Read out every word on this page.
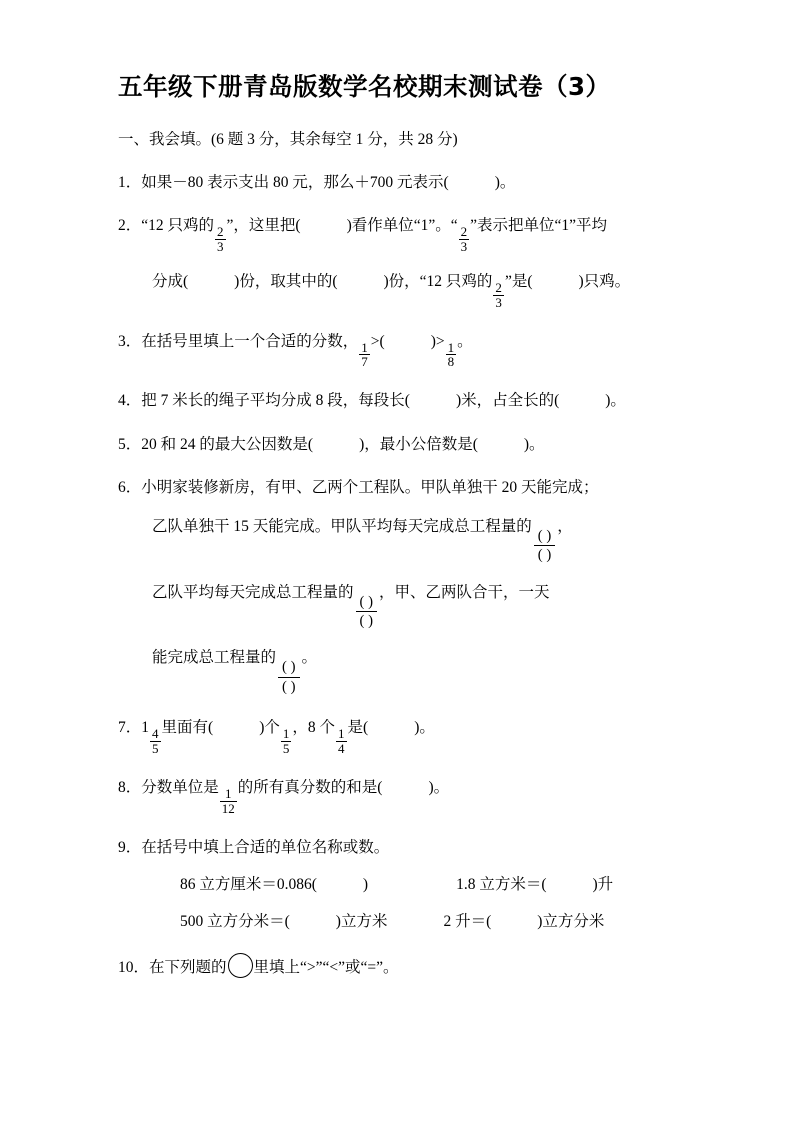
五年级下册青岛版数学名校期末测试卷（3）
一、我会填。(6 题 3 分，其余每空 1 分，共 28 分)
1．如果－80 表示支出 80 元，那么＋700 元表示(	)。
2．“12 只鸡的 $\frac{2}{3}$ ”，这里把(	)看作单位“1”。“ $\frac{2}{3}$ ”表示把单位“1”平均
分成(	)份，取其中的(	)份，“12 只鸡的 $\frac{2}{3}$ ”是(	)只鸡。
3．在括号里填上一个合适的分数， $\frac{1}{7}$ >(	)> $\frac{1}{8}$ 。
4．把 7 米长的绳子平均分成 8 段，每段长(	)米，占全长的(	)。
5．20 和 24 的最大公因数是(	)，最小公倍数是(	)。
6．小明家装修新房，有甲、乙两个工程队。甲队单独干 20 天能完成；
乙队单独干 15 天能完成。甲队平均每天完成总工程量的
( )
( )
，
乙队平均每天完成总工程量的
( )
( )
，甲、乙两队合干，一天
能完成总工程量的
( )
( )
。
7．$1 \frac{4}{5}$ 里面有(	)个 $\frac{1}{5}$ ，8 个 $\frac{1}{4}$ 是(	)。
8．分数单位是 $\frac{1}{12}$ 的所有真分数的和是(	)。
9．在括号中填上合适的单位名称或数。
86 立方厘米＝0.086(	)	1.8 立方米＝(	)升
500 立方分米＝(	)立方米	2 升＝(	)立方分米
10．在下列题的 里填上“>”“<”或“=”。
